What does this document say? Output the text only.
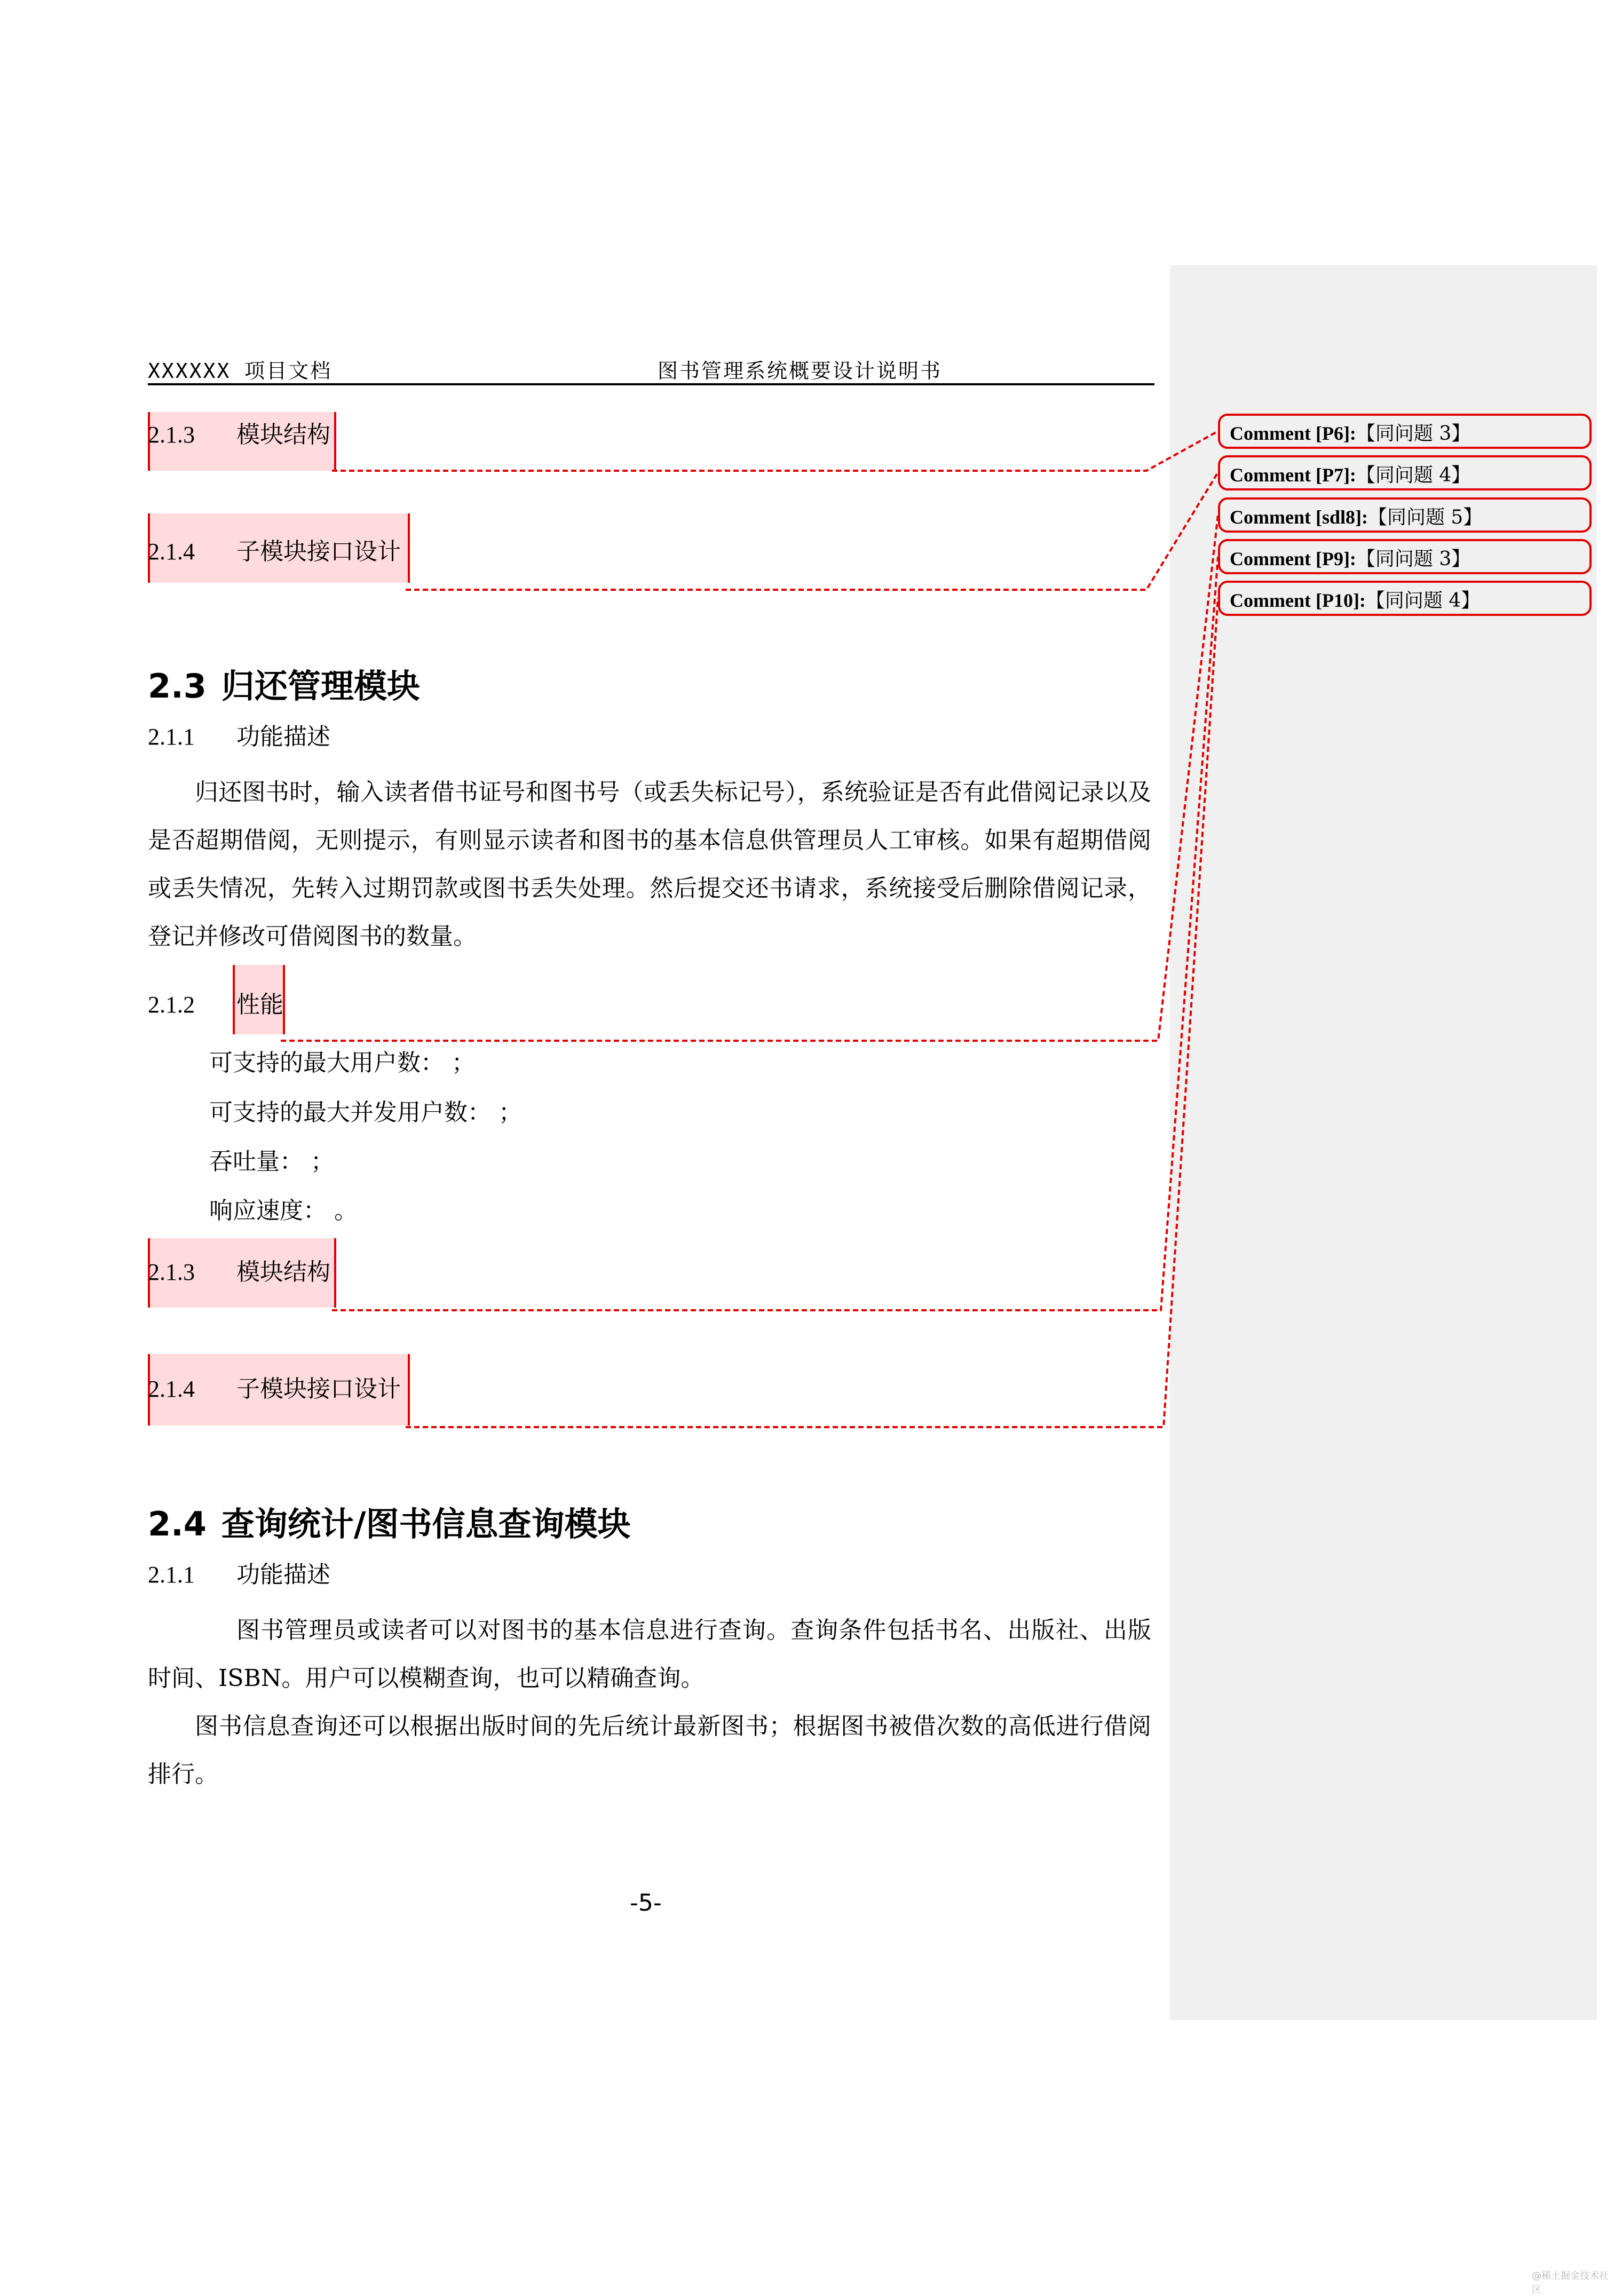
XXXXXX 项目文档	图书管理系统概要设计说明书
2.1.3 模块结构
2.1.4 子模块接口设计
2.3 归还管理模块
2.1.1 功能描述
归还图书时，输入读者借书证号和图书号（或丢失标记号），系统验证是否有此借阅记录以及是否超期借阅，无则提示，有则显示读者和图书的基本信息供管理员人工审核。如果有超期借阅或丢失情况，先转入过期罚款或图书丢失处理。然后提交还书请求，系统接受后删除借阅记录，登记并修改可借阅图书的数量。
2.1.2 性能
可支持的最大用户数： ；
可支持的最大并发用户数： ；
吞吐量： ；
响应速度： 。
2.1.3 模块结构
2.1.4 子模块接口设计
2.4 查询统计/图书信息查询模块
2.1.1 功能描述
图书管理员或读者可以对图书的基本信息进行查询。查询条件包括书名、出版社、出版时间、ISBN。用户可以模糊查询，也可以精确查询。
图书信息查询还可以根据出版时间的先后统计最新图书；根据图书被借次数的高低进行借阅排行。
-5-
Comment [P6]:【同问题 3】
Comment [P7]:【同问题 4】
Comment [sdl8]:【同问题 5】
Comment [P9]:【同问题 3】
Comment [P10]:【同问题 4】
@稀土掘金技术社区
